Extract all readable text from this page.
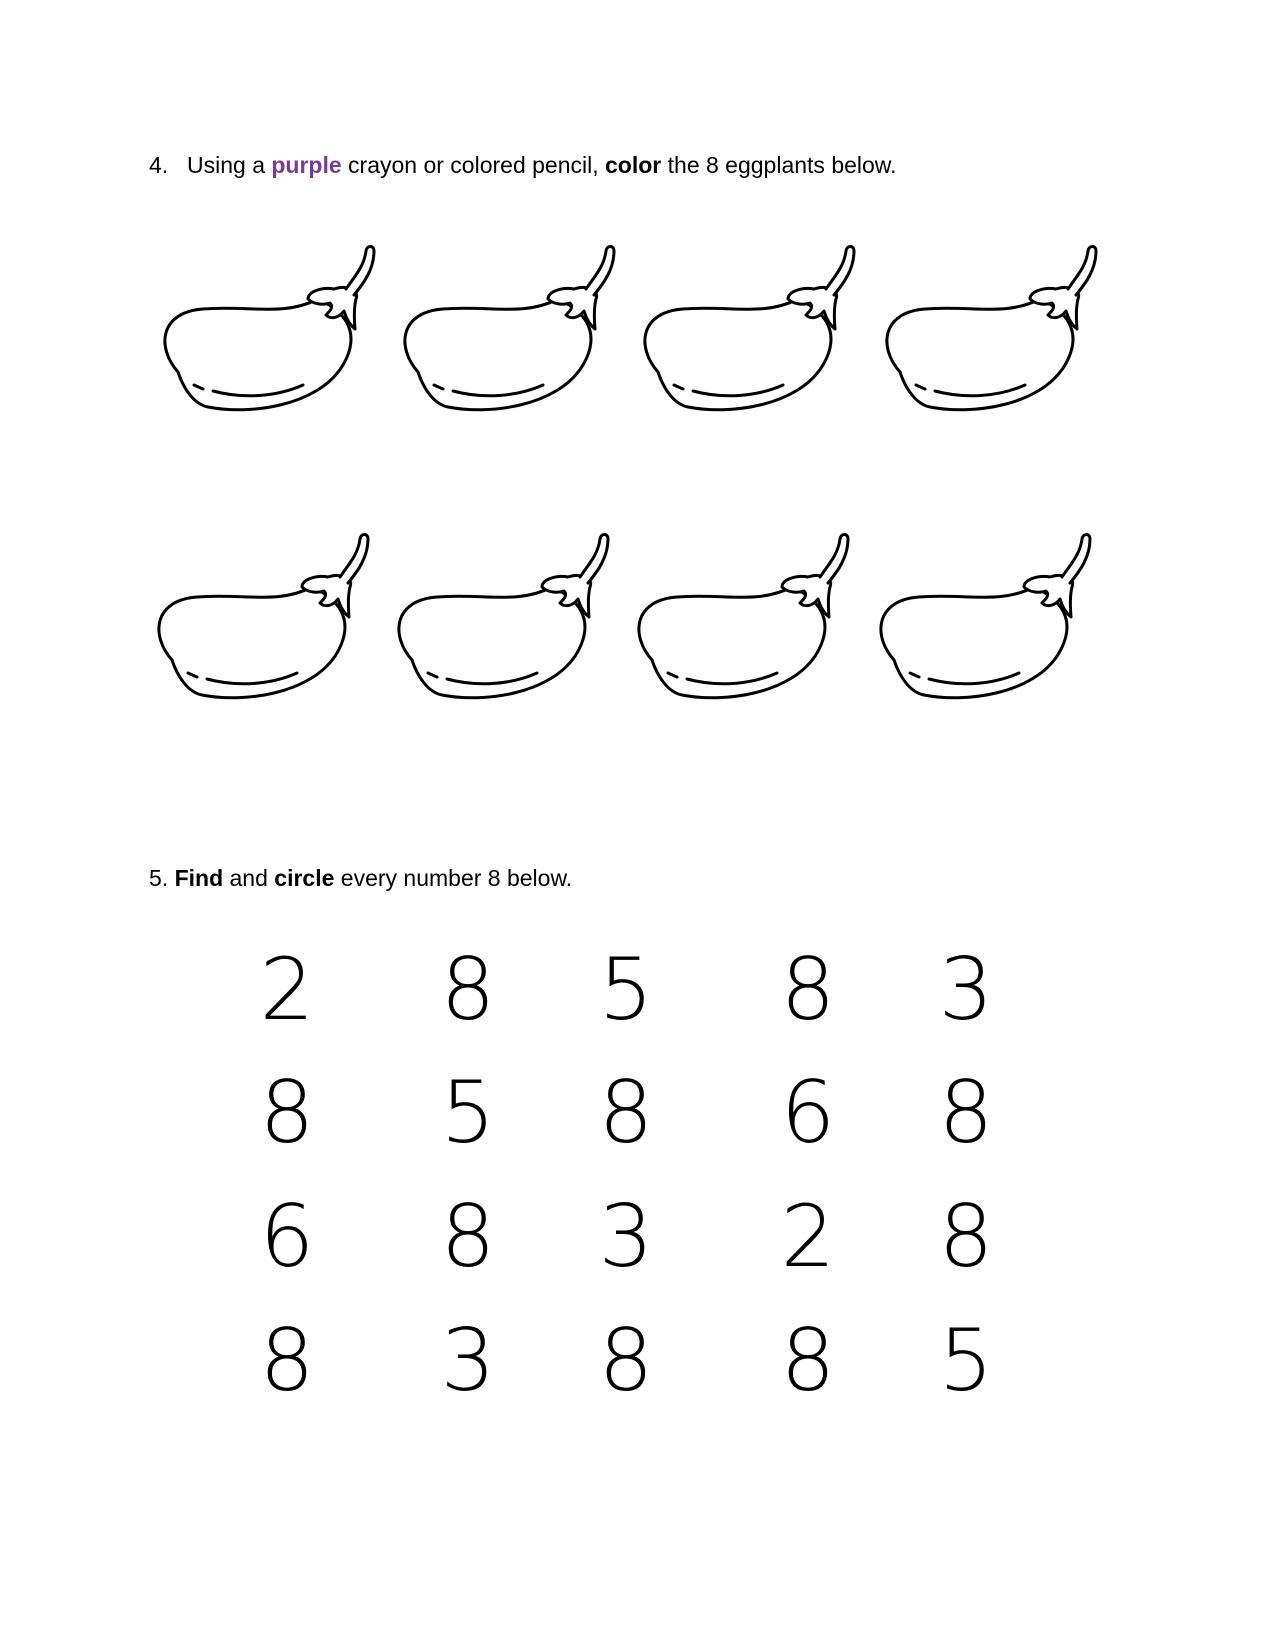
4. Using a purple crayon or colored pencil, color the 8 eggplants below.
5. Find and circle every number 8 below.
2	8	5	8	3
8	5	8	6	8
6	8	3	2	8
8	3	8	8	5
